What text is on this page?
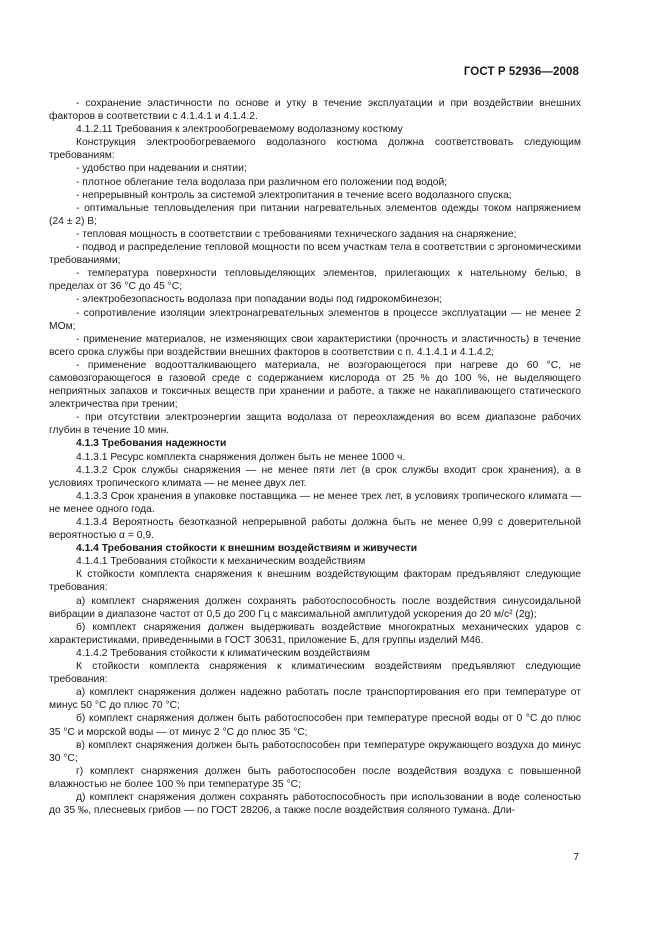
ГОСТ Р 52936—2008

- сохранение эластичности по основе и утку в течение эксплуатации и при воздействии внешних факторов в соответствии с 4.1.4.1 и 4.1.4.2.

4.1.2.11 Требования к электрообогреваемому водолазному костюму

Конструкция электрообогреваемого водолазного костюма должна соответствовать следующим требованиям:

- удобство при надевании и снятии;

- плотное облегание тела водолаза при различном его положении под водой;

- непрерывный контроль за системой электропитания в течение всего водолазного спуска;

- оптимальные тепловыделения при питании нагревательных элементов одежды током напряжением (24 ± 2) В;

- тепловая мощность в соответствии с требованиями технического задания на снаряжение;

- подвод и распределение тепловой мощности по всем участкам тела в соответствии с эргономическими требованиями;

- температура поверхности тепловыделяющих элементов, прилегающих к нательному белью, в пределах от 36 °С до 45 °С;

- электробезопасность водолаза при попадании воды под гидрокомбинезон;

- сопротивление изоляции электронагревательных элементов в процессе эксплуатации — не менее 2 МОм;

- применение материалов, не изменяющих свои характеристики (прочность и эластичность) в течение всего срока службы при воздействии внешних факторов в соответствии с п. 4.1.4.1 и 4.1.4.2;

- применение водоотталкивающего материала, не возгорающегося при нагреве до 60 °С, не самовозгорающегося в газовой среде с содержанием кислорода от 25 % до 100 %, не выделяющего неприятных запахов и токсичных веществ при хранении и работе, а также не накапливающего статического электричества при трении;

- при отсутствии электроэнергии защита водолаза от переохлаждения во всем диапазоне рабочих глубин в течение 10 мин.

4.1.3 Требования надежности

4.1.3.1 Ресурс комплекта снаряжения должен быть не менее 1000 ч.

4.1.3.2 Срок службы снаряжения — не менее пяти лет (в срок службы входит срок хранения), а в условиях тропического климата — не менее двух лет.

4.1.3.3 Срок хранения в упаковке поставщика — не менее трех лет, в условиях тропического климата — не менее одного года.

4.1.3.4 Вероятность безотказной непрерывной работы должна быть не менее 0,99 с доверительной вероятностью α = 0,9.

4.1.4 Требования стойкости к внешним воздействиям и живучести

4.1.4.1 Требования стойкости к механическим воздействиям

К стойкости комплекта снаряжения к внешним воздействующим факторам предъявляют следующие требования:

а) комплект снаряжения должен сохранять работоспособность после воздействия синусоидальной вибрации в диапазоне частот от 0,5 до 200 Гц с максимальной амплитудой ускорения до 20 м/с² (2g);

б) комплект снаряжения должен выдерживать воздействие многократных механических ударов с характеристиками, приведенными в ГОСТ 30631, приложение Б, для группы изделий М46.

4.1.4.2 Требования стойкости к климатическим воздействиям

К стойкости комплекта снаряжения к климатическим воздействиям предъявляют следующие требования:

а) комплект снаряжения должен надежно работать после транспортирования его при температуре от минус 50 °С до плюс 70 °С;

б) комплект снаряжения должен быть работоспособен при температуре пресной воды от 0 °С до плюс 35 °С и морской воды — от минус 2 °С до плюс 35 °С;

в) комплект снаряжения должен быть работоспособен при температуре окружающего воздуха до минус 30 °С;

г) комплект снаряжения должен быть работоспособен после воздействия воздуха с повышенной влажностью не более 100 % при температуре 35 °С;

д) комплект снаряжения должен сохранять работоспособность при использовании в воде соленостью до 35 ‰, плесневых грибов — по ГОСТ 28206, а также после воздействия соляного тумана. Дли-

7
